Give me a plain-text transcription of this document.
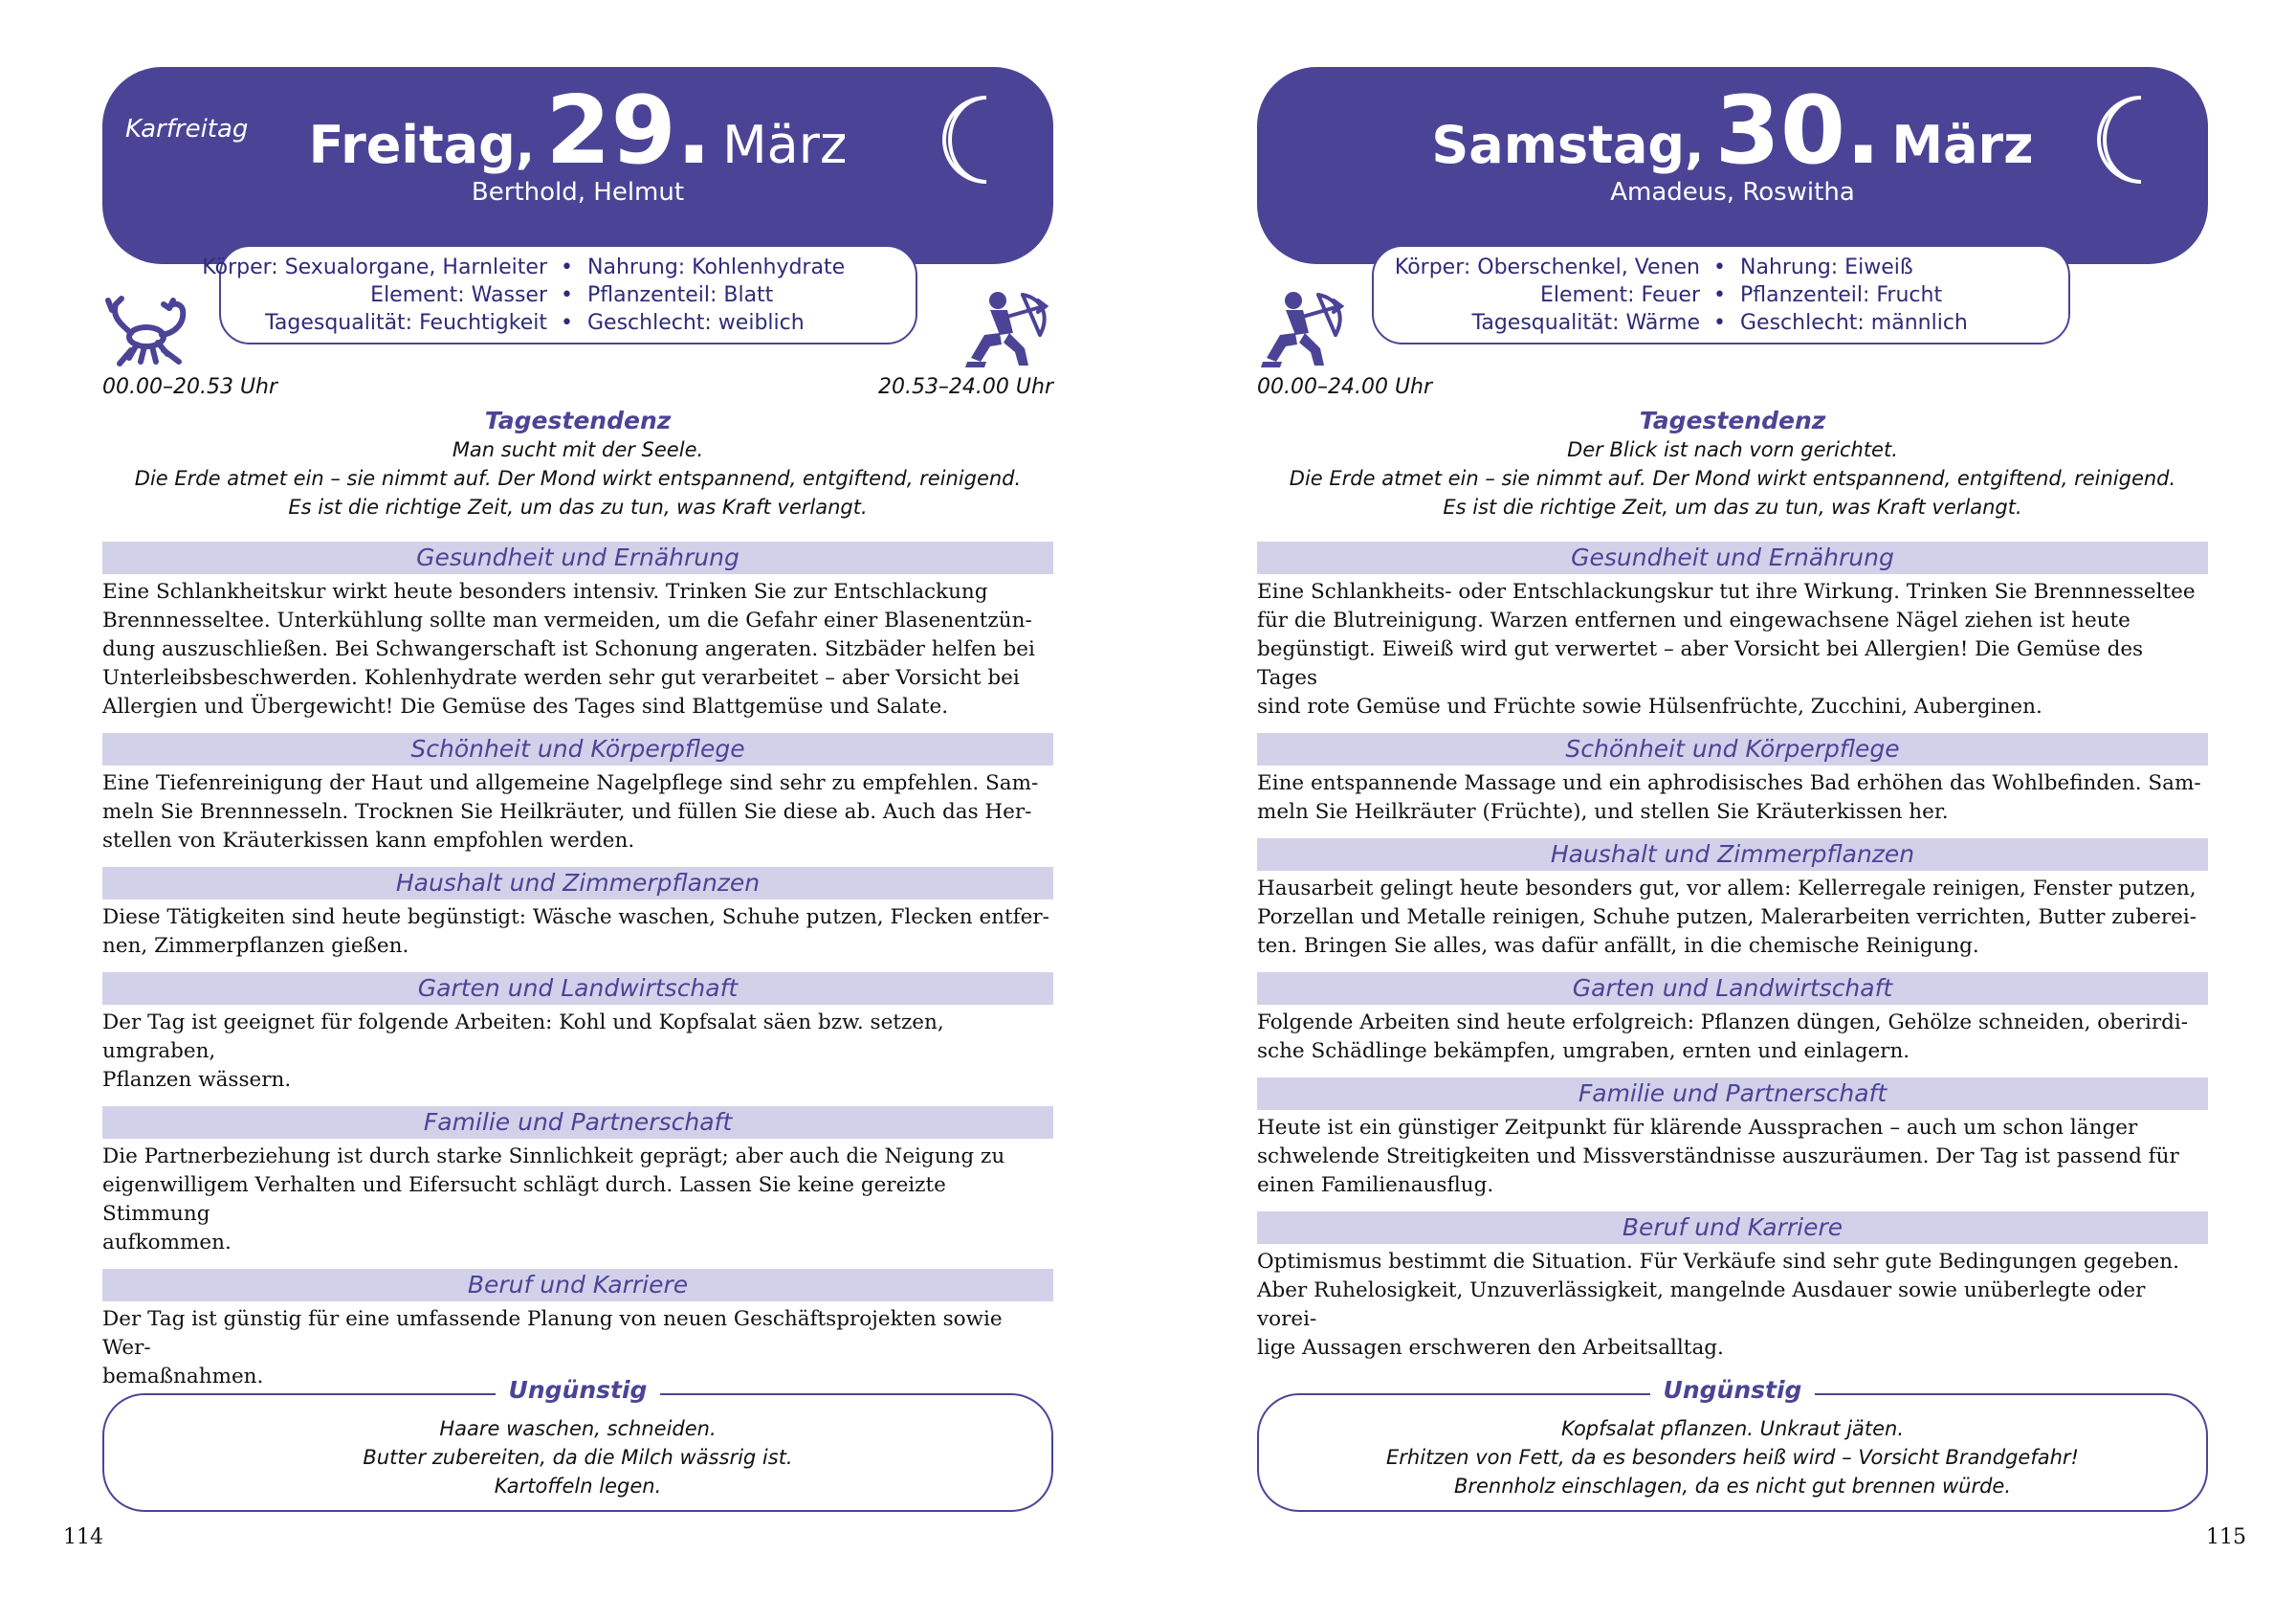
Karfreitag	Freitag, 29. März
Berthold, Helmut
Körper: Sexualorgane, Harnleiter • Nahrung: Kohlenhydrate
Element: Wasser • Pflanzenteil: Blatt
Tagesqualität: Feuchtigkeit • Geschlecht: weiblich
00.00–20.53 Uhr	20.53–24.00 Uhr
Tagestendenz
Man sucht mit der Seele.
Die Erde atmet ein – sie nimmt auf. Der Mond wirkt entspannend, entgiftend, reinigend.
Es ist die richtige Zeit, um das zu tun, was Kraft verlangt.
Gesundheit und Ernährung
Eine Schlankheitskur wirkt heute besonders intensiv. Trinken Sie zur Entschlackung
Brennnesseltee. Unterkühlung sollte man vermeiden, um die Gefahr einer Blasenentzün-
dung auszuschließen. Bei Schwangerschaft ist Schonung angeraten. Sitzbäder helfen bei
Unterleibsbeschwerden. Kohlenhydrate werden sehr gut verarbeitet – aber Vorsicht bei
Allergien und Übergewicht! Die Gemüse des Tages sind Blattgemüse und Salate.
Schönheit und Körperpflege
Eine Tiefenreinigung der Haut und allgemeine Nagelpflege sind sehr zu empfehlen. Sam-
meln Sie Brennnesseln. Trocknen Sie Heilkräuter, und füllen Sie diese ab. Auch das Her-
stellen von Kräuterkissen kann empfohlen werden.
Haushalt und Zimmerpflanzen
Diese Tätigkeiten sind heute begünstigt: Wäsche waschen, Schuhe putzen, Flecken entfer-
nen, Zimmerpflanzen gießen.
Garten und Landwirtschaft
Der Tag ist geeignet für folgende Arbeiten: Kohl und Kopfsalat säen bzw. setzen, umgraben,
Pflanzen wässern.
Familie und Partnerschaft
Die Partnerbeziehung ist durch starke Sinnlichkeit geprägt; aber auch die Neigung zu
eigenwilligem Verhalten und Eifersucht schlägt durch. Lassen Sie keine gereizte Stimmung
aufkommen.
Beruf und Karriere
Der Tag ist günstig für eine umfassende Planung von neuen Geschäftsprojekten sowie Wer-
bemaßnahmen.	Ungünstig
Haare waschen, schneiden.
Butter zubereiten, da die Milch wässrig ist.
Kartoffeln legen.
114
Samstag, 30. März
Amadeus, Roswitha
Körper: Oberschenkel, Venen • Nahrung: Eiweiß
Element: Feuer • Pflanzenteil: Frucht
Tagesqualität: Wärme • Geschlecht: männlich
00.00–24.00 Uhr
Tagestendenz
Der Blick ist nach vorn gerichtet.
Die Erde atmet ein – sie nimmt auf. Der Mond wirkt entspannend, entgiftend, reinigend.
Es ist die richtige Zeit, um das zu tun, was Kraft verlangt.
Gesundheit und Ernährung
Eine Schlankheits- oder Entschlackungskur tut ihre Wirkung. Trinken Sie Brennnesseltee
für die Blutreinigung. Warzen entfernen und eingewachsene Nägel ziehen ist heute
begünstigt. Eiweiß wird gut verwertet – aber Vorsicht bei Allergien! Die Gemüse des Tages
sind rote Gemüse und Früchte sowie Hülsenfrüchte, Zucchini, Auberginen.
Schönheit und Körperpflege
Eine entspannende Massage und ein aphrodisisches Bad erhöhen das Wohlbefinden. Sam-
meln Sie Heilkräuter (Früchte), und stellen Sie Kräuterkissen her.
Haushalt und Zimmerpflanzen
Hausarbeit gelingt heute besonders gut, vor allem: Kellerregale reinigen, Fenster putzen,
Porzellan und Metalle reinigen, Schuhe putzen, Malerarbeiten verrichten, Butter zuberei-
ten. Bringen Sie alles, was dafür anfällt, in die chemische Reinigung.
Garten und Landwirtschaft
Folgende Arbeiten sind heute erfolgreich: Pflanzen düngen, Gehölze schneiden, oberirdi-
sche Schädlinge bekämpfen, umgraben, ernten und einlagern.
Familie und Partnerschaft
Heute ist ein günstiger Zeitpunkt für klärende Aussprachen – auch um schon länger
schwelende Streitigkeiten und Missverständnisse auszuräumen. Der Tag ist passend für
einen Familienausflug.
Beruf und Karriere
Optimismus bestimmt die Situation. Für Verkäufe sind sehr gute Bedingungen gegeben.
Aber Ruhelosigkeit, Unzuverlässigkeit, mangelnde Ausdauer sowie unüberlegte oder vorei-
lige Aussagen erschweren den Arbeitsalltag.
Ungünstig
Kopfsalat pflanzen. Unkraut jäten.
Erhitzen von Fett, da es besonders heiß wird – Vorsicht Brandgefahr!
Brennholz einschlagen, da es nicht gut brennen würde.
115
